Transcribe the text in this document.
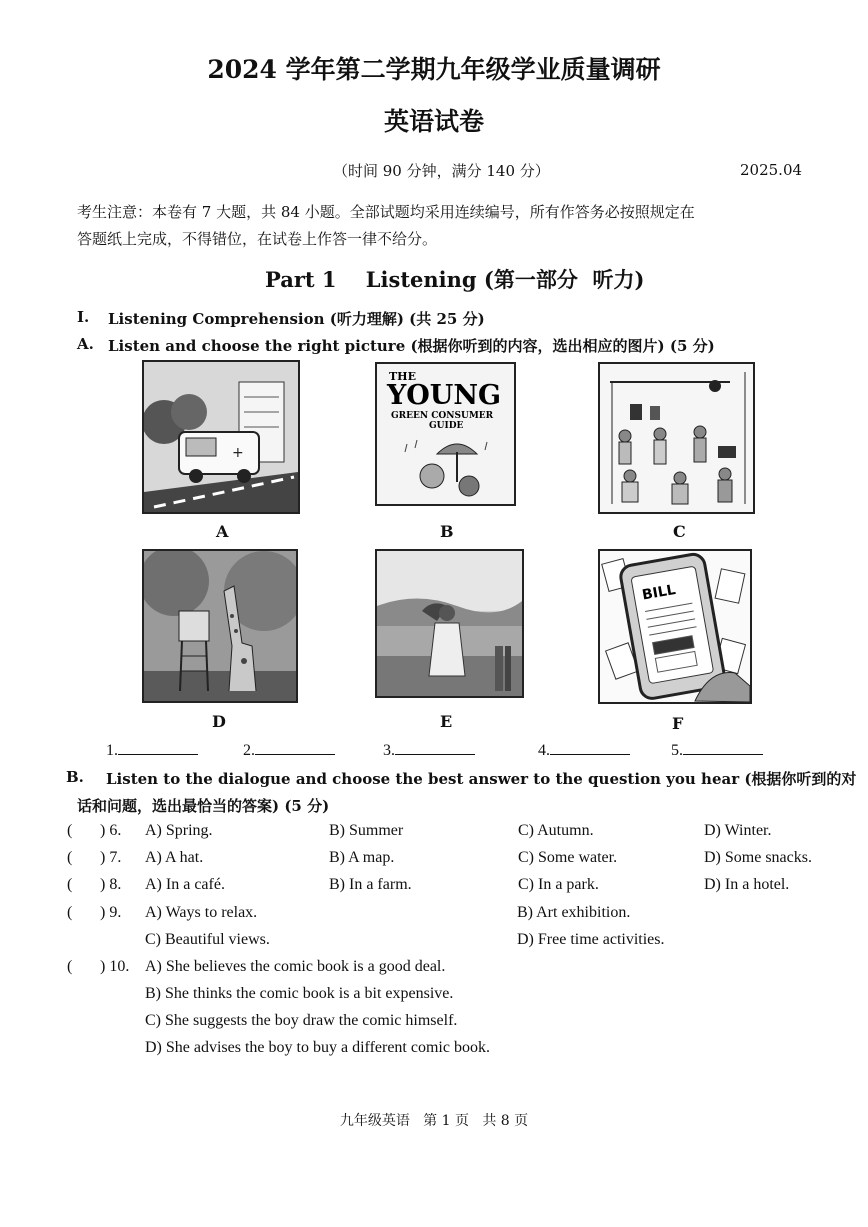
2024 学年第二学期九年级学业质量调研
英语试卷
（时间 90 分钟，满分 140 分）	2025.04
考生注意：本卷有 7 大题，共 84 小题。全部试题均采用连续编号，所有作答务必按照规定在
答题纸上完成，不得错位，在试卷上作答一律不给分。
Part 1    Listening (第一部分  听力)
I. Listening Comprehension (听力理解) (共 25 分)
A. Listen and choose the right picture (根据你听到的内容，选出相应的图片) (5 分)
+
A
THE
YOUNG
GREEN CONSUMER
GUIDE
B	C
D	E
BILL
F
1.	2.	3.	4.	5.
B. Listen to the dialogue and choose the best answer to the question you hear (根据你听到的对
话和问题，选出最恰当的答案) (5 分)
( ) 6. A) Spring.	B) Summer	C) Autumn.	D) Winter.
( ) 7. A) A hat.	B) A map.	C) Some water.	D) Some snacks.
( ) 8. A) In a café.	B) In a farm.	C) In a park.	D) In a hotel.
( ) 9. A) Ways to relax.	B) Art exhibition.
C) Beautiful views.	D) Free time activities.
( ) 10. A) She believes the comic book is a good deal.
B) She thinks the comic book is a bit expensive.
C) She suggests the boy draw the comic himself.
D) She advises the boy to buy a different comic book.
九年级英语   第 1 页   共 8 页
